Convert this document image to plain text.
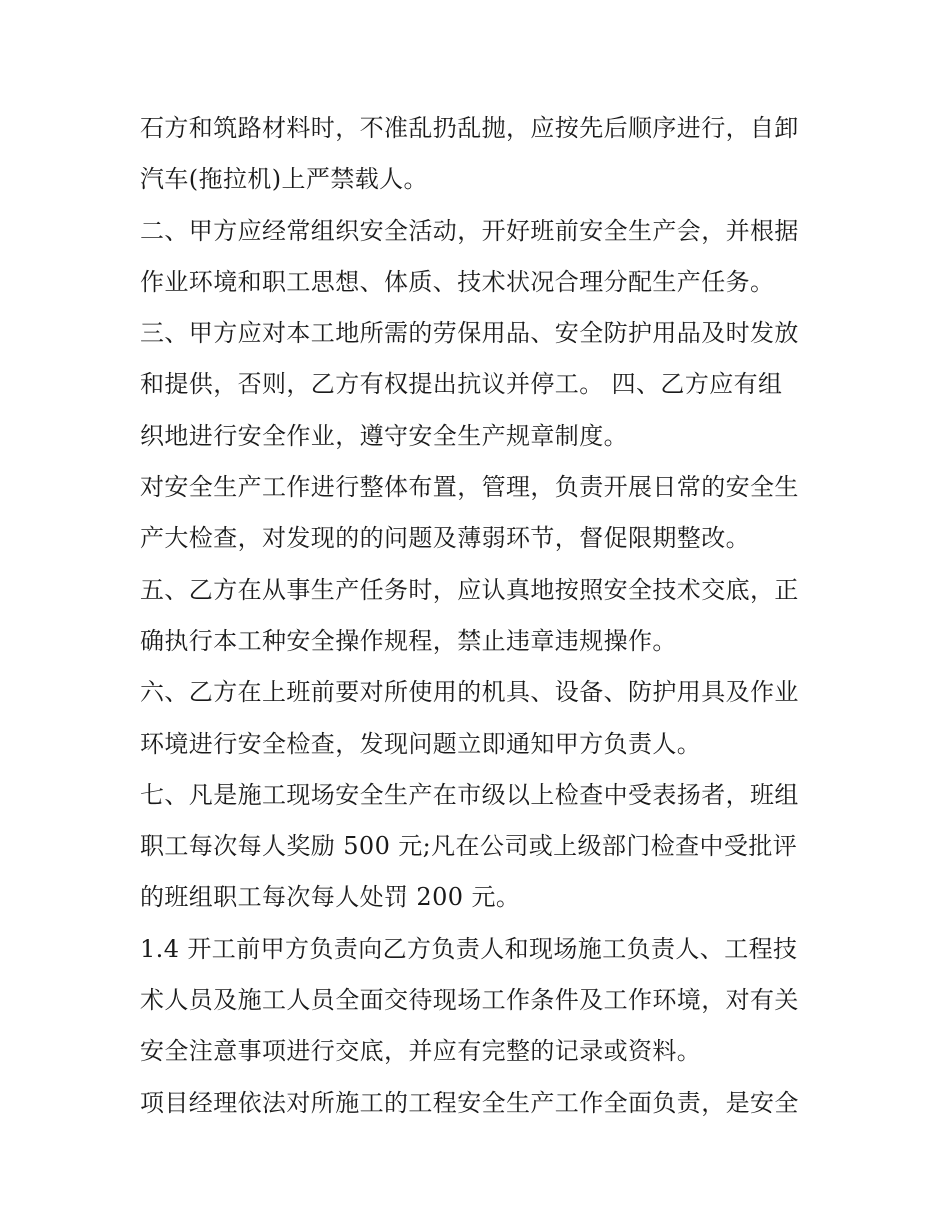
石方和筑路材料时，不准乱扔乱抛，应按先后顺序进行，自卸
汽车(拖拉机)上严禁载人。
二、甲方应经常组织安全活动，开好班前安全生产会，并根据
作业环境和职工思想、体质、技术状况合理分配生产任务。
三、甲方应对本工地所需的劳保用品、安全防护用品及时发放
和提供，否则，乙方有权提出抗议并停工。 四、乙方应有组
织地进行安全作业，遵守安全生产规章制度。
对安全生产工作进行整体布置，管理，负责开展日常的安全生
产大检查，对发现的的问题及薄弱环节，督促限期整改。
五、乙方在从事生产任务时，应认真地按照安全技术交底，正
确执行本工种安全操作规程，禁止违章违规操作。
六、乙方在上班前要对所使用的机具、设备、防护用具及作业
环境进行安全检查，发现问题立即通知甲方负责人。
七、凡是施工现场安全生产在市级以上检查中受表扬者，班组
职工每次每人奖励 500 元;凡在公司或上级部门检查中受批评
的班组职工每次每人处罚 200 元。
1.4 开工前甲方负责向乙方负责人和现场施工负责人、工程技
术人员及施工人员全面交待现场工作条件及工作环境，对有关
安全注意事项进行交底，并应有完整的记录或资料。
项目经理依法对所施工的工程安全生产工作全面负责，是安全
